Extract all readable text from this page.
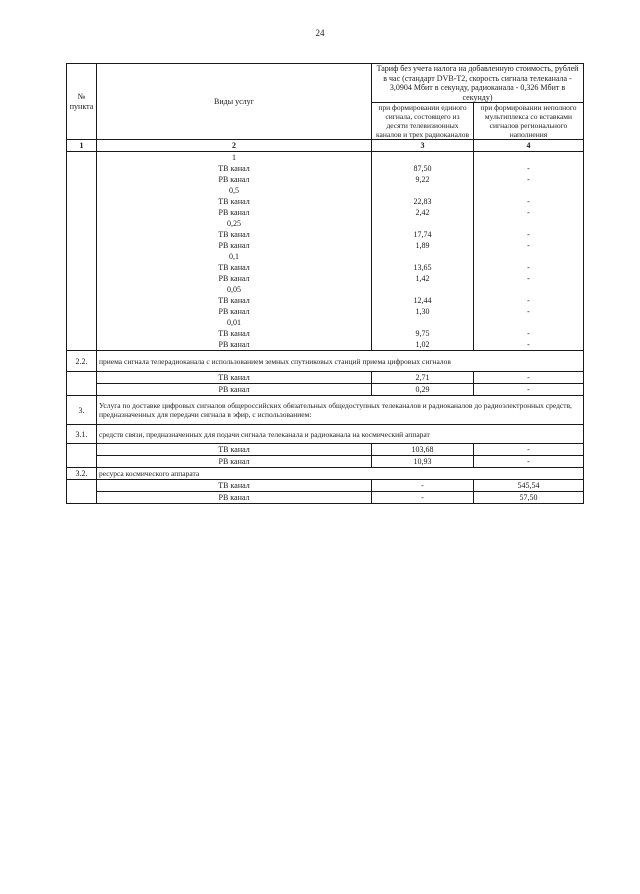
24
№ пункта	Виды услуг	Тариф без учета налога на добавленную стоимость, рублей в час (стандарт DVB-T2, скорость сигнала телеканала - 3,0904 Мбит в секунду, радиоканала - 0,326 Мбит в секунду)	
		при формировании единого сигнала, состоящего из десяти телевизионных каналов и трех радиоканалов	при формировании неполного мультиплекса со вставками сигналов регионального наполнения
1	2	3	4
	1		
	ТВ канал	87,50	-
	РВ канал	9,22	-
	0,5		
	ТВ канал	22,83	-
	РВ канал	2,42	-
	0,25		
	ТВ канал	17,74	-
	РВ канал	1,89	-
	0,1		
	ТВ канал	13,65	-
	РВ канал	1,42	-
	0,05		
	ТВ канал	12,44	-
	РВ канал	1,30	-
	0,01		
	ТВ канал	9,75	-
	РВ канал	1,02	-
2.2.	приема сигнала телерадиоканала с использованием земных спутниковых станций приема цифровых сигналов		
	ТВ канал	2,71	-
	РВ канал	0,29	-
3.	Услуга по доставке цифровых сигналов общероссийских обязательных общедоступных телеканалов и радиоканалов до радиоэлектронных средств, предназначенных для передачи сигнала в эфир, с использованием:		
3.1.	средств связи, предназначенных для подачи сигнала телеканала и радиоканала на космический аппарат		
	ТВ канал	103,68	-
	РВ канал	10,93	-
3.2.	ресурса космического аппарата		
	ТВ канал	-	545,54
	РВ канал	-	57,50
